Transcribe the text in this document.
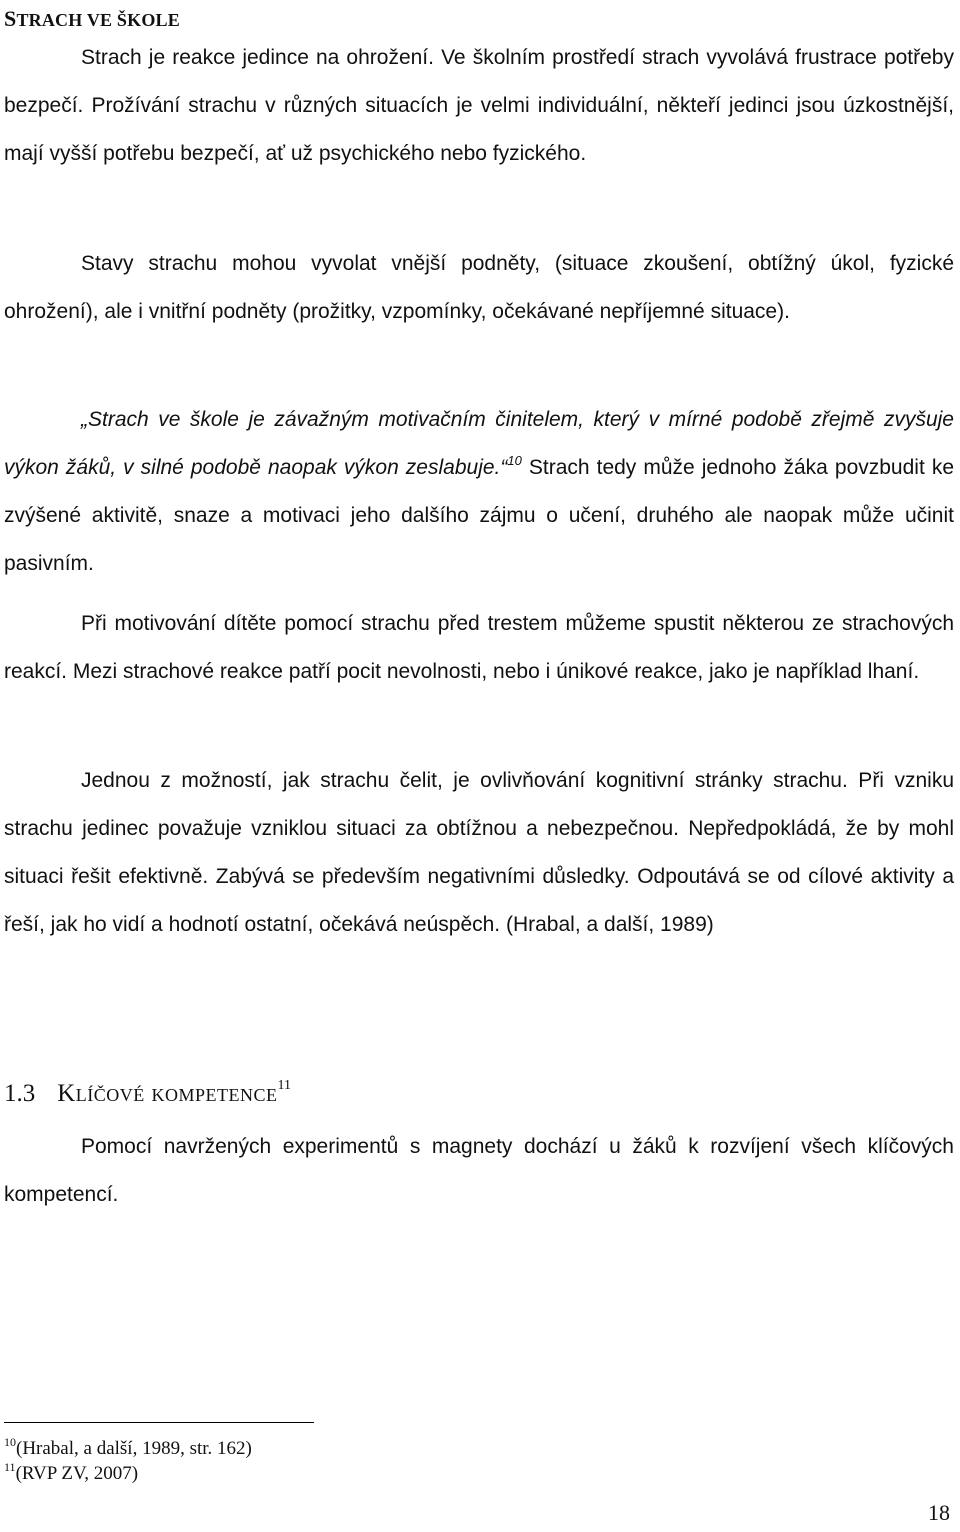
STRACH VE ŠKOLE
Strach je reakce jedince na ohrožení. Ve školním prostředí strach vyvolává frustrace potřeby bezpečí. Prožívání strachu v různých situacích je velmi individuální, někteří jedinci jsou úzkostnější, mají vyšší potřebu bezpečí, ať už psychického nebo fyzického.
Stavy strachu mohou vyvolat vnější podněty, (situace zkoušení, obtížný úkol, fyzické ohrožení), ale i vnitřní podněty (prožitky, vzpomínky, očekávané nepříjemné situace).
„Strach ve škole je závažným motivačním činitelem, který v mírné podobě zřejmě zvyšuje výkon žáků, v silné podobě naopak výkon zeslabuje.“$^{10}$ Strach tedy může jednoho žáka povzbudit ke zvýšené aktivitě, snaze a motivaci jeho dalšího zájmu o učení, druhého ale naopak může učinit pasivním.
Při motivování dítěte pomocí strachu před trestem můžeme spustit některou ze strachových reakcí. Mezi strachové reakce patří pocit nevolnosti, nebo i únikové reakce, jako je například lhaní.
Jednou z možností, jak strachu čelit, je ovlivňování kognitivní stránky strachu. Při vzniku strachu jedinec považuje vzniklou situaci za obtížnou a nebezpečnou. Nepředpokládá, že by mohl situaci řešit efektivně. Zabývá se především negativními důsledky. Odpoutává se od cílové aktivity a řeší, jak ho vidí a hodnotí ostatní, očekává neúspěch. (Hrabal, a další, 1989)
1.3 Klíčové kompetence$^{11}$
Pomocí navržených experimentů s magnety dochází u žáků k rozvíjení všech klíčových kompetencí.
$^{10}$(Hrabal, a další, 1989, str. 162)
$^{11}$(RVP ZV, 2007)
18
